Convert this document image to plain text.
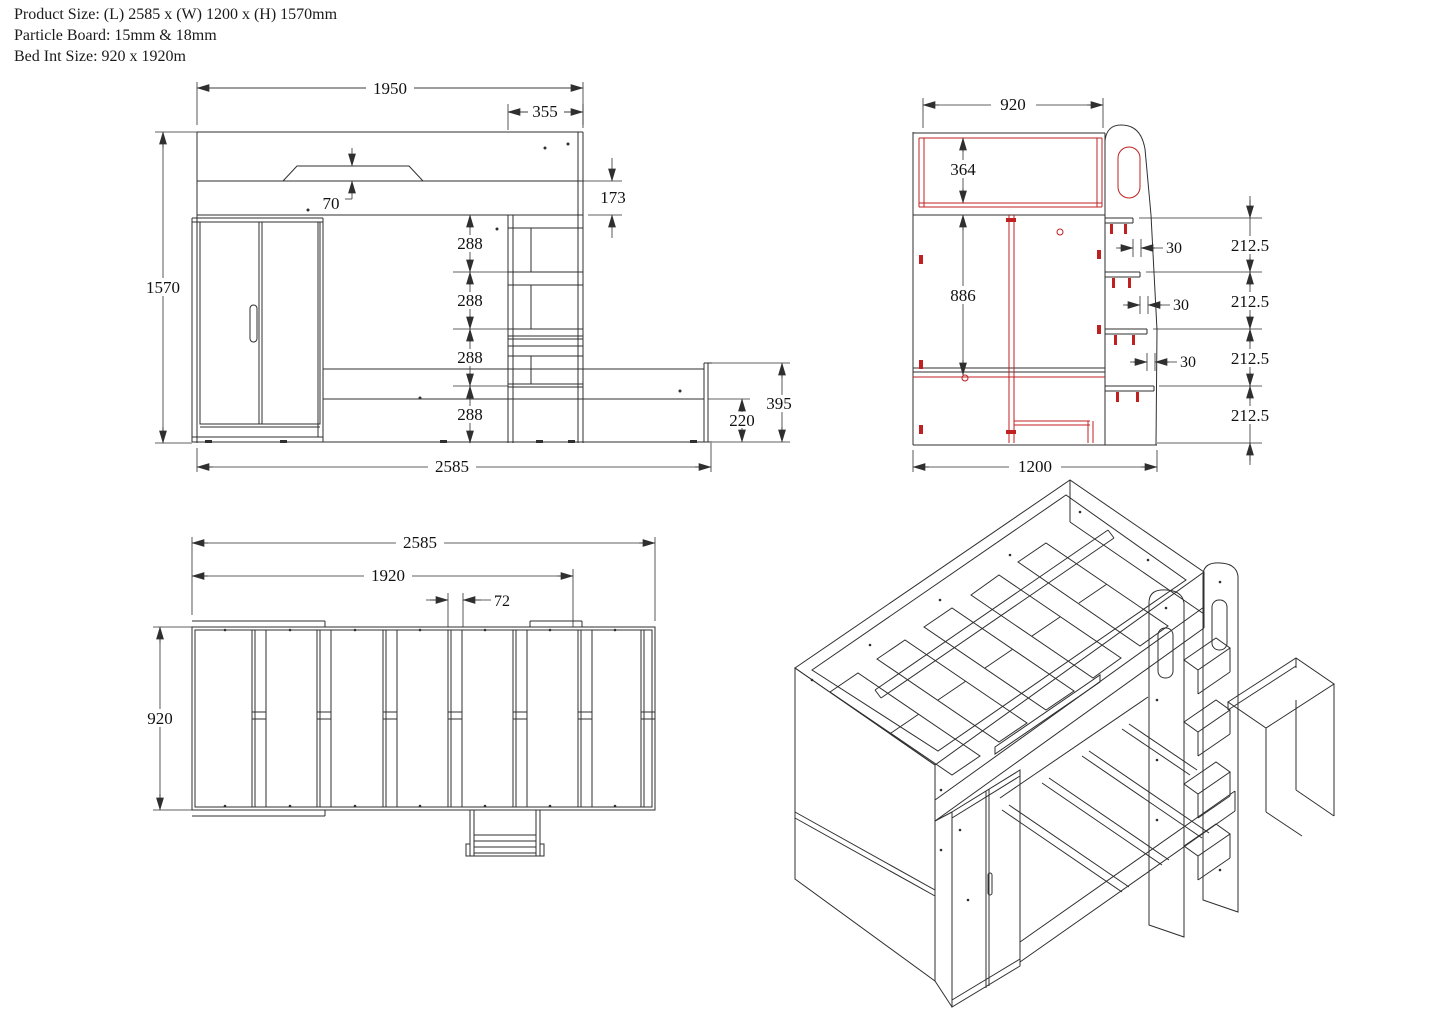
Product Size: (L) 2585 x (W) 1200 x (H) 1570mm
Particle Board: 15mm & 18mm
Bed Int Size: 920 x 1920m
1950
355
70	173
288
288
288
288
1570
2585
220
395
920
364
886
1200
30
30
30
212.5
212.5
212.5
212.5
2585
1920
72
920
